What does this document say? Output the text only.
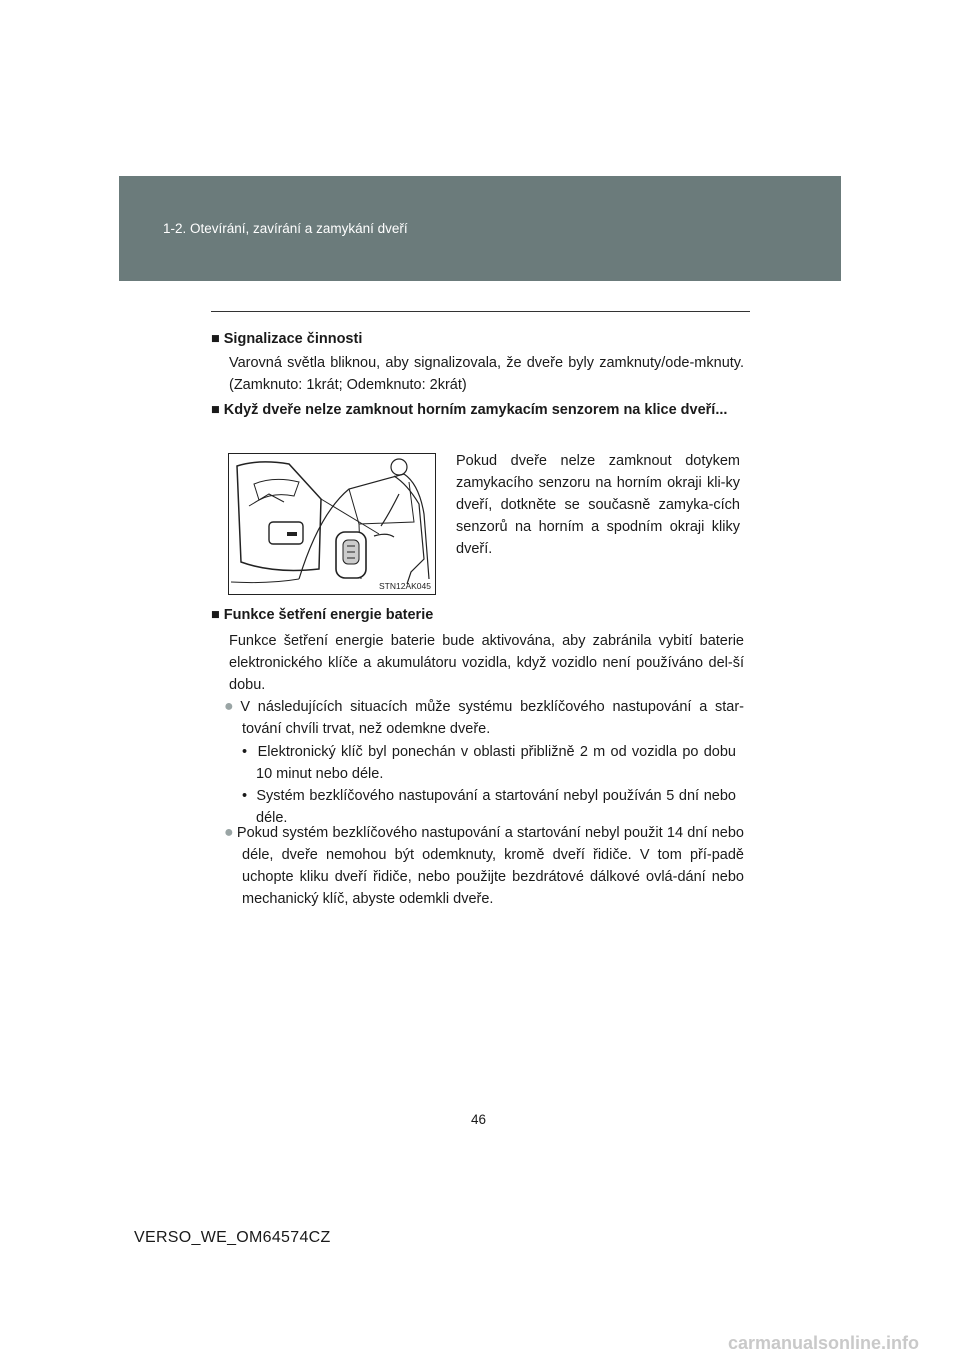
1-2. Otevírání, zavírání a zamykání dveří
■ Signalizace činnosti
Varovná světla bliknou, aby signalizovala, že dveře byly zamknuty/ode-mknuty. (Zamknuto: 1krát; Odemknuto: 2krát)
■ Když dveře nelze zamknout horním zamykacím senzorem na klice dveří...
STN12AK045
Pokud dveře nelze zamknout dotykem zamykacího senzoru na horním okraji kli-ky dveří, dotkněte se současně zamyka-cích senzorů na horním a spodním okraji kliky dveří.
■ Funkce šetření energie baterie
Funkce šetření energie baterie bude aktivována, aby zabránila vybití baterie elektronického klíče a akumulátoru vozidla, když vozidlo není používáno del-ší dobu.
● V následujících situacích může systému bezklíčového nastupování a star-tování chvíli trvat, než odemkne dveře.
•  Elektronický klíč byl ponechán v oblasti přibližně 2 m od vozidla po dobu 10 minut nebo déle.
•  Systém bezklíčového nastupování a startování nebyl používán 5 dní nebo déle.
● Pokud systém bezklíčového nastupování a startování nebyl použit 14 dní nebo déle, dveře nemohou být odemknuty, kromě dveří řidiče. V tom pří-padě uchopte kliku dveří řidiče, nebo použijte bezdrátové dálkové ovlá-dání nebo mechanický klíč, abyste odemkli dveře.
46
VERSO_WE_OM64574CZ
carmanualsonline.info
